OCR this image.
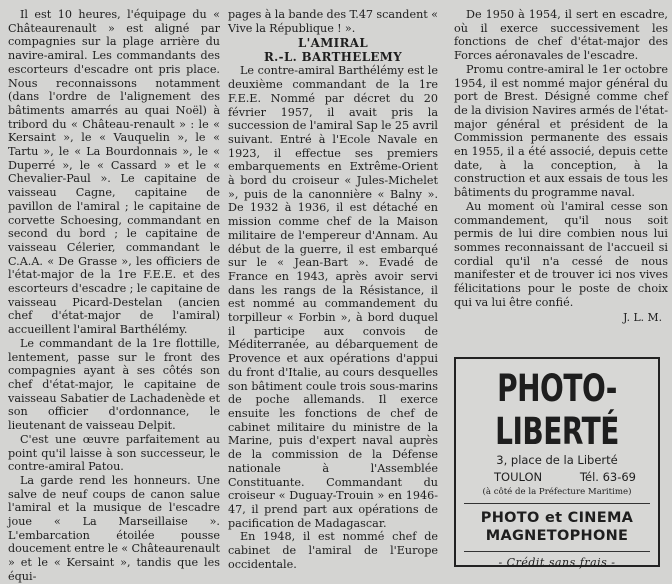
Il est 10 heures, l'équipage du « Châteaurenault » est aligné par compagnies sur la plage arrière du navire-amiral. Les commandants des escorteurs d'escadre ont pris place. Nous reconnaissons notamment (dans l'ordre de l'alignement des bâtiments amarrés au quai Noël) à tribord du « Château-renault » : le « Kersaint », le « Vauquelin », le « Tartu », le « La Bourdonnais », le « Duperré », le « Cassard » et le « Chevalier-Paul ». Le capitaine de vaisseau Cagne, capitaine de pavillon de l'amiral ; le capitaine de corvette Schoesing, commandant en second du bord ; le capitaine de vaisseau Célerier, commandant le C.A.A. « De Grasse », les officiers de l'état-major de la 1re F.E.E. et des escorteurs d'escadre ; le capitaine de vaisseau Picard-Destelan (ancien chef d'état-major de l'amiral) accueillent l'amiral Barthélémy.

Le commandant de la 1re flottille, lentement, passe sur le front des compagnies ayant à ses côtés son chef d'état-major, le capitaine de vaisseau Sabatier de Lachadenède et son officier d'ordonnance, le lieutenant de vaisseau Delpit.

C'est une œuvre parfaitement au point qu'il laisse à son successeur, le contre-amiral Patou.

La garde rend les honneurs. Une salve de neuf coups de canon salue l'amiral et la musique de l'escadre joue « La Marseillaise ». L'embarcation étoilée pousse doucement entre le « Châteaurenault » et le « Kersaint », tandis que les équi-

pages à la bande des T.47 scandent « Vive la République ! ».

L'AMIRAL

R.-L. BARTHELEMY

Le contre-amiral Barthélémy est le deuxième commandant de la 1re F.E.E. Nommé par décret du 20 février 1957, il avait pris la succession de l'amiral Sap le 25 avril suivant. Entré à l'Ecole Navale en 1923, il effectue ses premiers embarquements en Extrême-Orient à bord du croiseur « Jules-Michelet », puis de la canonnière « Balny ». De 1932 à 1936, il est détaché en mission comme chef de la Maison militaire de l'empereur d'Annam. Au début de la guerre, il est embarqué sur le « Jean-Bart ». Evadé de France en 1943, après avoir servi dans les rangs de la Résistance, il est nommé au commandement du torpilleur « Forbin », à bord duquel il participe aux convois de Méditerranée, au débarquement de Provence et aux opérations d'appui du front d'Italie, au cours desquelles son bâtiment coule trois sous-marins de poche allemands. Il exerce ensuite les fonctions de chef de cabinet militaire du ministre de la Marine, puis d'expert naval auprès de la commission de la Défense nationale à l'Assemblée Constituante. Commandant du croiseur « Duguay-Trouin » en 1946-47, il prend part aux opérations de pacification de Madagascar.

En 1948, il est nommé chef de cabinet de l'amiral de l'Europe occidentale.

De 1950 à 1954, il sert en escadre, où il exerce successivement les fonctions de chef d'état-major des Forces aéronavales de l'escadre.

Promu contre-amiral le 1er octobre 1954, il est nommé major général du port de Brest. Désigné comme chef de la division Navires armés de l'état-major général et président de la Commission permanente des essais en 1955, il a été associé, depuis cette date, à la conception, à la construction et aux essais de tous les bâtiments du programme naval.

Au moment où l'amiral cesse son commandement, qu'il nous soit permis de lui dire combien nous lui sommes reconnaissant de l'accueil si cordial qu'il n'a cessé de nous manifester et de trouver ici nos vives félicitations pour le poste de choix qui va lui être confié.

J. L. M.

PHOTO-LIBERTÉ
3, place de la Liberté
TOULON	Tél. 63-69
(à côté de la Préfecture Maritime)
PHOTO et CINEMA
MAGNETOPHONE
- Crédit sans frais -
